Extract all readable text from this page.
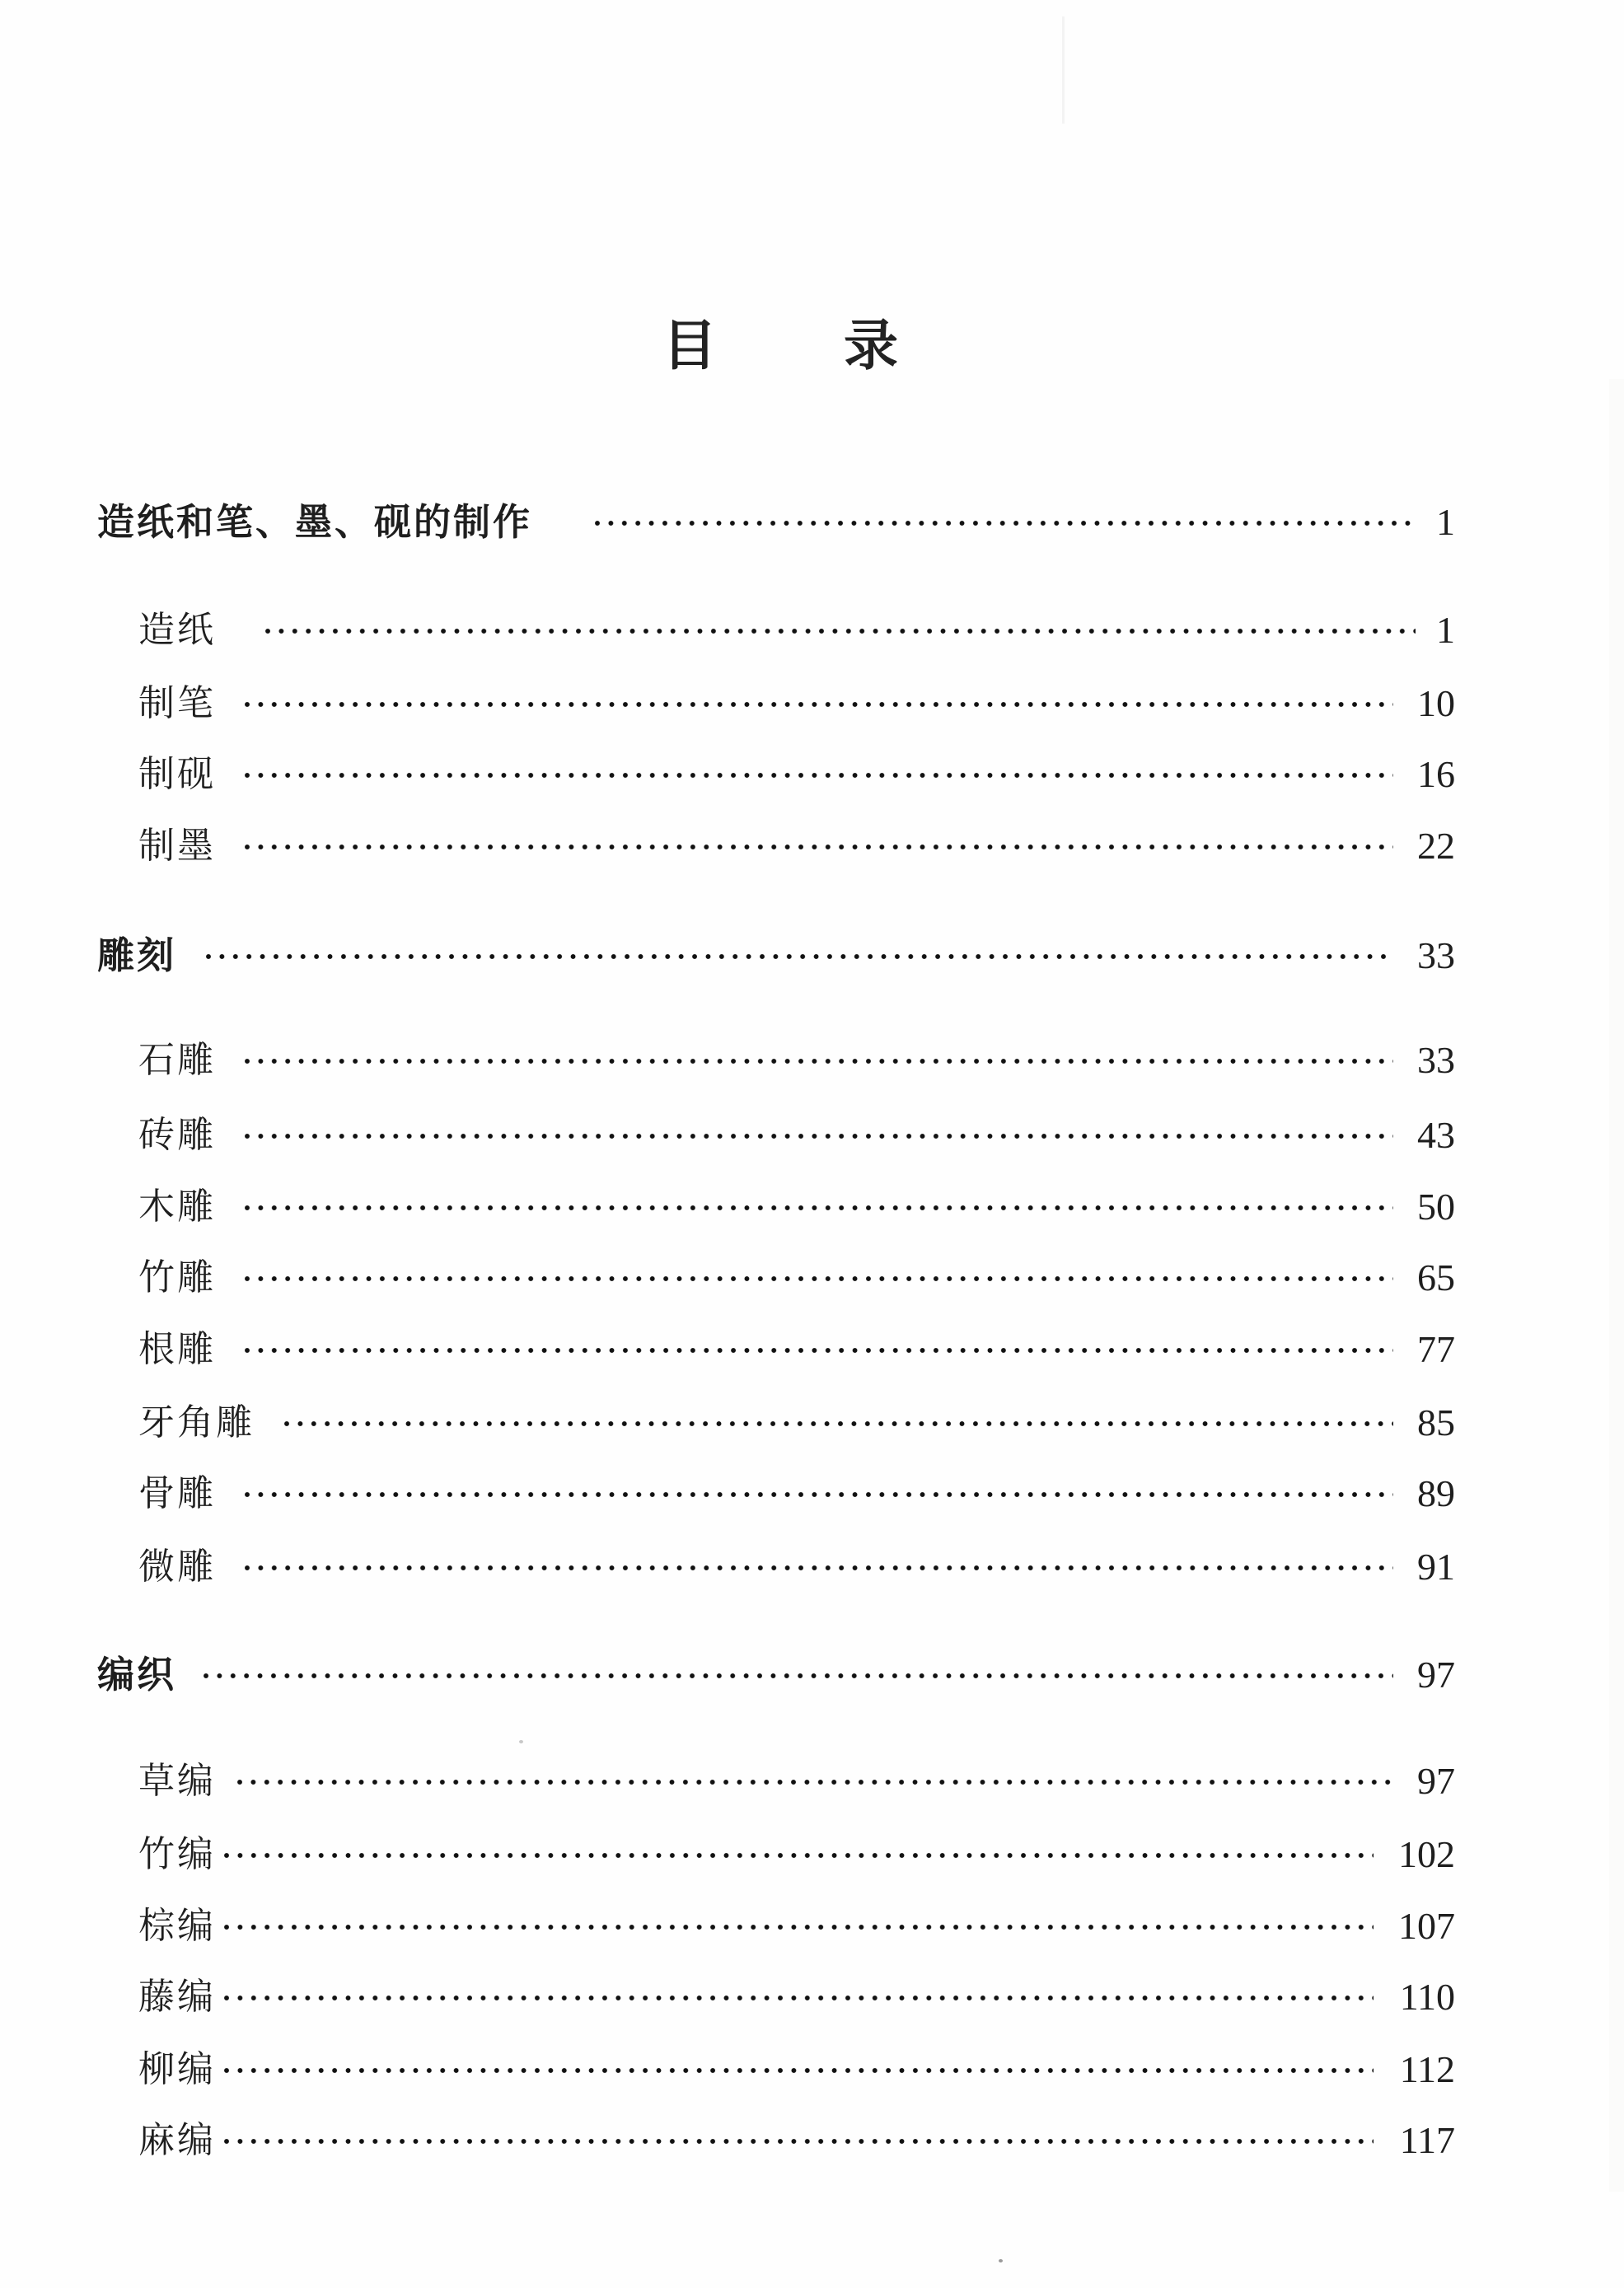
目 录
造纸和笔、墨、砚的制作	1
造纸	1
制笔	10
制砚	16
制墨	22
雕刻	33
石雕	33
砖雕	43
木雕	50
竹雕	65
根雕	77
牙角雕	85
骨雕	89
微雕	91
编织	97
草编	97
竹编	102
棕编	107
藤编	110
柳编	112
麻编	117
